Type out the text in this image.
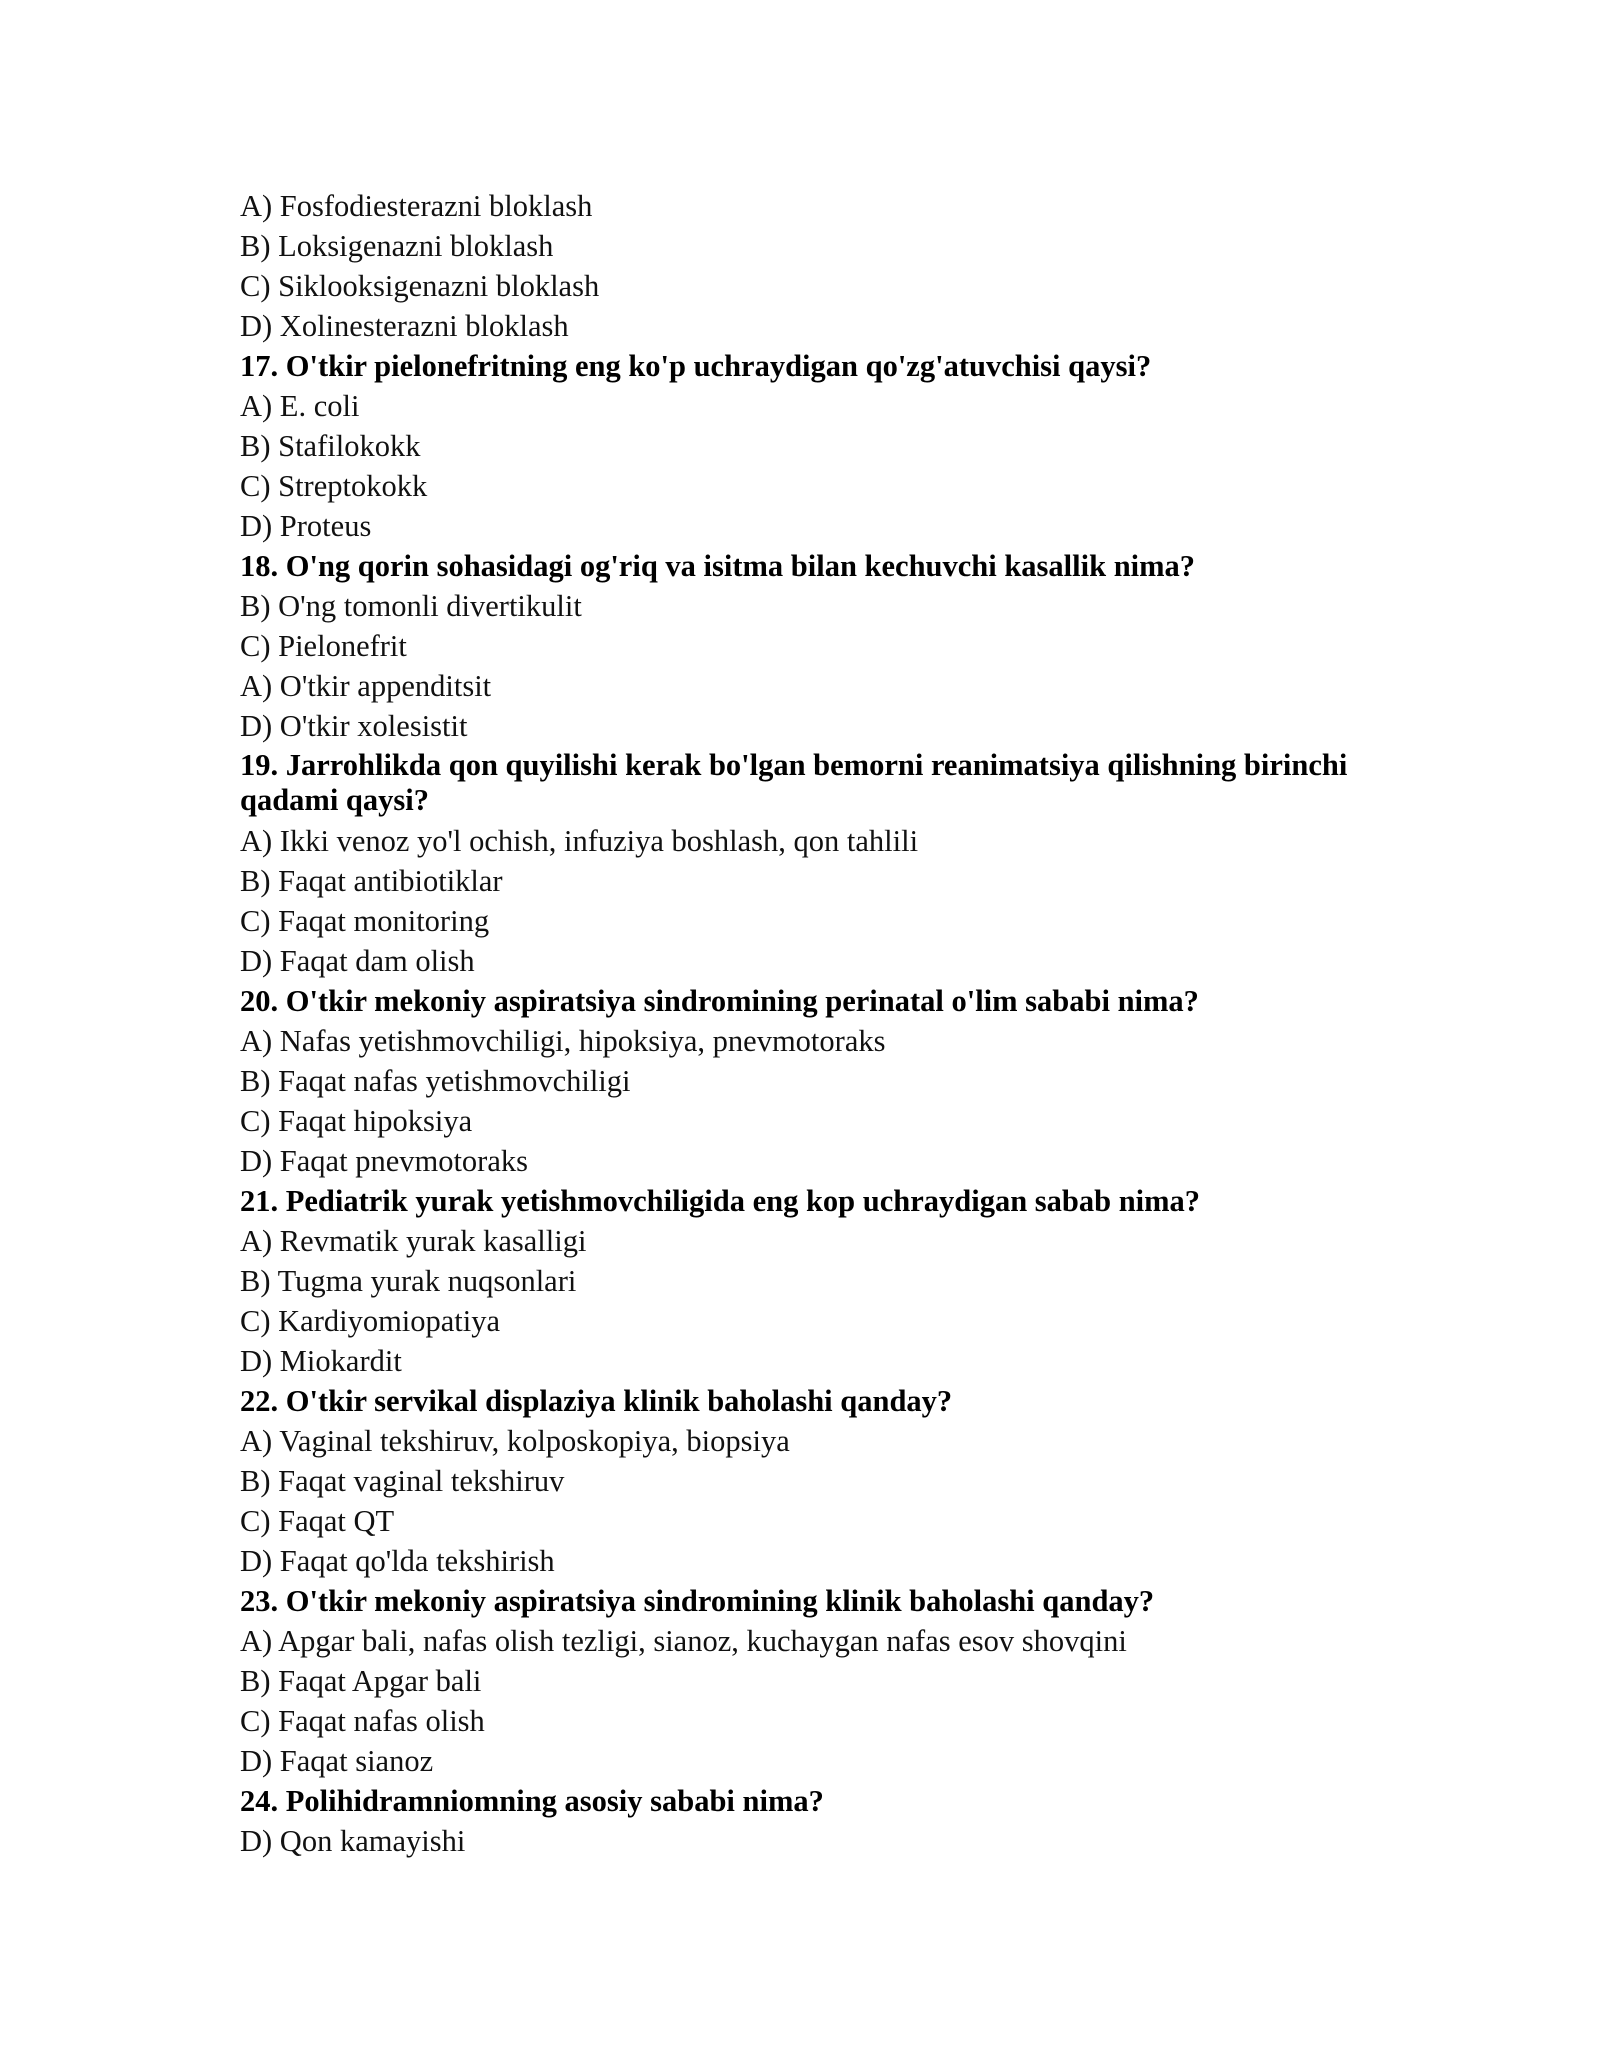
A) Fosfodiesterazni bloklash
B) Loksigenazni bloklash
C) Siklooksigenazni bloklash
D) Xolinesterazni bloklash
17. O'tkir pielonefritning eng ko'p uchraydigan qo'zg'atuvchisi qaysi?
A) E. coli
B) Stafilokokk
C) Streptokokk
D) Proteus
18. O'ng qorin sohasidagi og'riq va isitma bilan kechuvchi kasallik nima?
B) O'ng tomonli divertikulit
C) Pielonefrit
A) O'tkir appenditsit
D) O'tkir xolesistit
19. Jarrohlikda qon quyilishi kerak bo'lgan bemorni reanimatsiya qilishning birinchi qadami qaysi?
A) Ikki venoz yo'l ochish, infuziya boshlash, qon tahlili
B) Faqat antibiotiklar
C) Faqat monitoring
D) Faqat dam olish
20. O'tkir mekoniy aspiratsiya sindromining perinatal o'lim sababi nima?
A) Nafas yetishmovchiligi, hipoksiya, pnevmotoraks
B) Faqat nafas yetishmovchiligi
C) Faqat hipoksiya
D) Faqat pnevmotoraks
21. Pediatrik yurak yetishmovchiligida eng kop uchraydigan sabab nima?
A) Revmatik yurak kasalligi
B) Tugma yurak nuqsonlari
C) Kardiyomiopatiya
D) Miokardit
22. O'tkir servikal displaziya klinik baholashi qanday?
A) Vaginal tekshiruv, kolposkopiya, biopsiya
B) Faqat vaginal tekshiruv
C) Faqat QT
D) Faqat qo'lda tekshirish
23. O'tkir mekoniy aspiratsiya sindromining klinik baholashi qanday?
A) Apgar bali, nafas olish tezligi, sianoz, kuchaygan nafas esov shovqini
B) Faqat Apgar bali
C) Faqat nafas olish
D) Faqat sianoz
24. Polihidramniomning asosiy sababi nima?
D) Qon kamayishi
